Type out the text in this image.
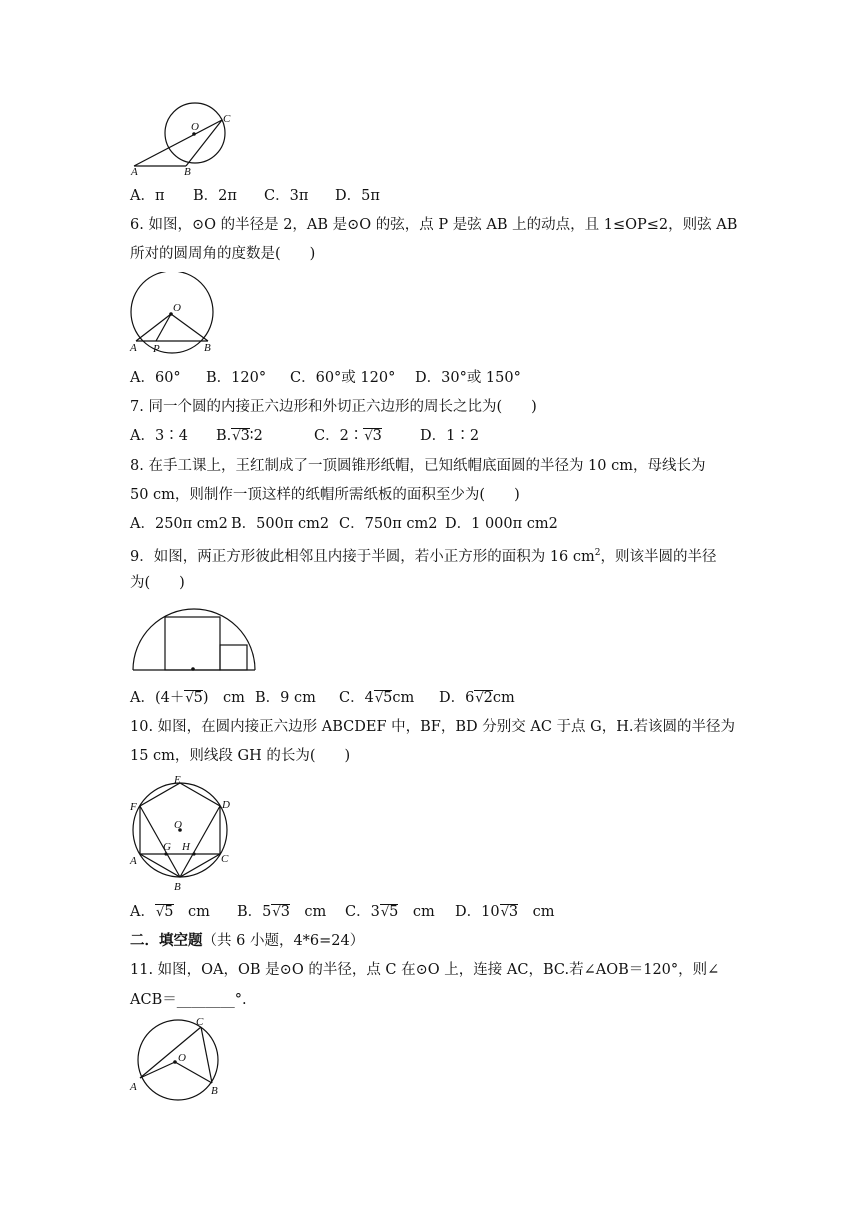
O
C
A	B
A．π B．2π C．3π D．5π
6. 如图，⊙O 的半径是 2，AB 是⊙O 的弦，点 P 是弦 AB 上的动点，且 1≤OP≤2，则弦 AB
所对的圆周角的度数是(　　)
O
A P	B
A．60° B．120° C．60°或 120° D．30°或 150°
7. 同一个圆的内接正六边形和外切正六边形的周长之比为(　　)
A．3∶4 B.√3∶2	C．2∶√3	D．1∶2
8. 在手工课上，王红制成了一顶圆锥形纸帽，已知纸帽底面圆的半径为 10 cm，母线长为
50 cm，则制作一顶这样的纸帽所需纸板的面积至少为(　　)
A．250π cm2 B．500π cm2 C．750π cm2 D．1 000π cm2
9．如图，两正方形彼此相邻且内接于半圆，若小正方形的面积为 16 $cm^2$，则该半圆的半径
为(　　)
A．(4＋√5)　cm B．9 cm C．4√5cm D．6√2cm
10. 如图，在圆内接正六边形 ABCDEF 中，BF，BD 分别交 AC 于点 G，H.若该圆的半径为
15 cm，则线段 GH 的长为(　　)
E
F	D
O
G H
A	C
B
A．√5　cm B．5√3　cm C．3√5　cm D．10√3　cm
二．填空题（共 6 小题，4*6=24）
11. 如图，OA，OB 是⊙O 的半径，点 C 在⊙O 上，连接 AC，BC.若∠AOB＝120°，则∠
ACB＝________°.
C
O
A	B
